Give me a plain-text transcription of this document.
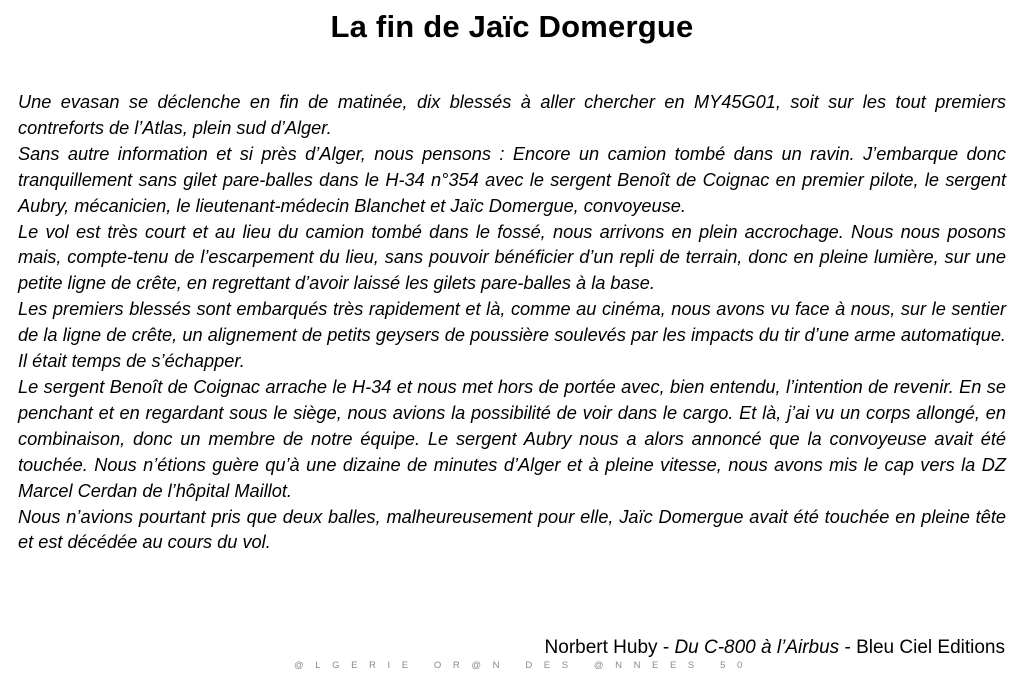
La fin de Jaïc Domergue

Une evasan se déclenche en fin de matinée, dix blessés à aller chercher en MY45G01, soit sur les tout premiers contreforts de l’Atlas, plein sud d’Alger.

Sans autre information et si près d’Alger, nous pensons : Encore un camion tombé dans un ravin. J’embarque donc tranquillement sans gilet pare-balles dans le H-34 n°354 avec le sergent Benoît de Coignac en premier pilote, le sergent Aubry, mécanicien, le lieutenant-médecin Blanchet et Jaïc Domergue, convoyeuse.

Le vol est très court et au lieu du camion tombé dans le fossé, nous arrivons en plein accrochage. Nous nous posons mais, compte-tenu de l’escarpement du lieu, sans pouvoir bénéficier d’un repli de terrain, donc en pleine lumière, sur une petite ligne de crête, en regrettant d’avoir laissé les gilets pare-balles à la base.

Les premiers blessés sont embarqués très rapidement et là, comme au cinéma, nous avons vu face à nous, sur le sentier de la ligne de crête, un alignement de petits geysers de poussière soulevés par les impacts du tir d’une arme automatique. Il était temps de s’échapper.

Le sergent Benoît de Coignac arrache le H-34 et nous met hors de portée avec, bien entendu, l’intention de revenir. En se penchant et en regardant sous le siège, nous avions la possibilité de voir dans le cargo. Et là, j’ai vu un corps allongé, en combinaison, donc un membre de notre équipe. Le sergent Aubry nous a alors annoncé que la convoyeuse avait été touchée. Nous n’étions guère qu’à une dizaine de minutes d’Alger et à pleine vitesse, nous avons mis le cap vers la DZ Marcel Cerdan de l’hôpital Maillot.

Nous n’avions pourtant pris que deux balles, malheureusement pour elle, Jaïc Domergue avait été touchée en pleine tête et est décédée au cours du vol.

Norbert Huby - Du C-800 à l’Airbus - Bleu Ciel Editions
@LGERIE OR@N DES @NNEES 50
